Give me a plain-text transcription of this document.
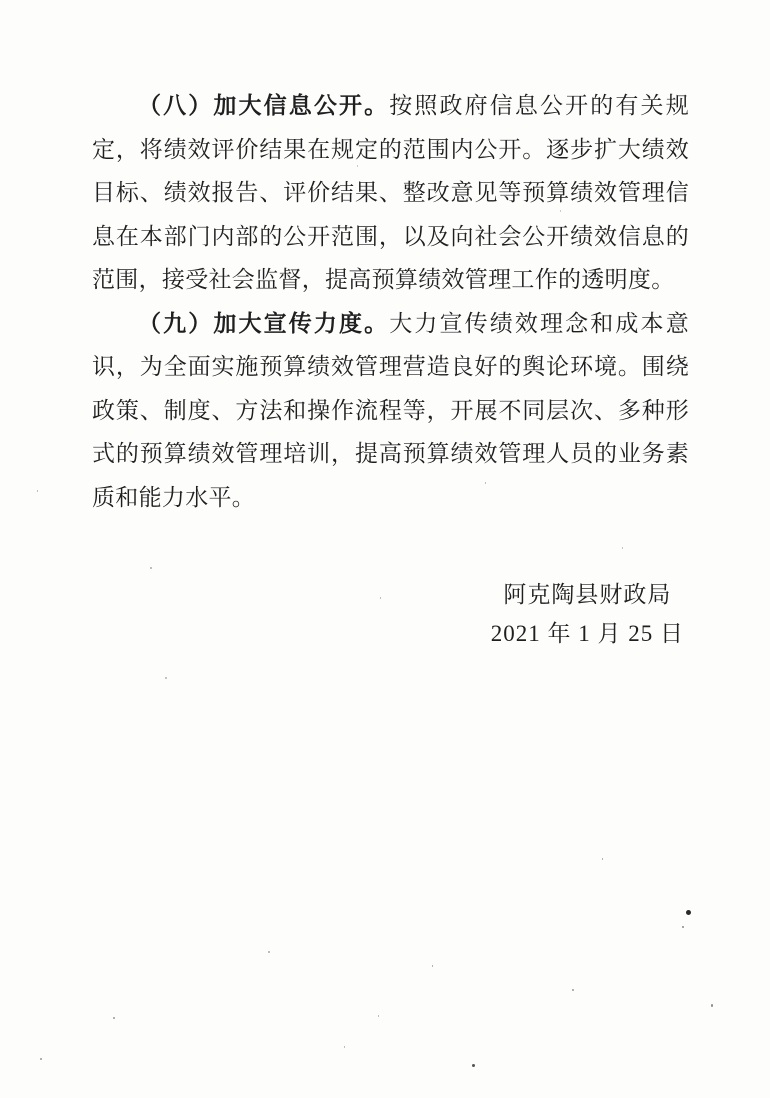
（八）加大信息公开。按照政府信息公开的有关规定，将绩效评价结果在规定的范围内公开。逐步扩大绩效目标、绩效报告、评价结果、整改意见等预算绩效管理信息在本部门内部的公开范围，以及向社会公开绩效信息的范围，接受社会监督，提高预算绩效管理工作的透明度。

（九）加大宣传力度。大力宣传绩效理念和成本意识，为全面实施预算绩效管理营造良好的舆论环境。围绕政策、制度、方法和操作流程等，开展不同层次、多种形式的预算绩效管理培训，提高预算绩效管理人员的业务素质和能力水平。

阿克陶县财政局
2021 年 1 月 25 日
